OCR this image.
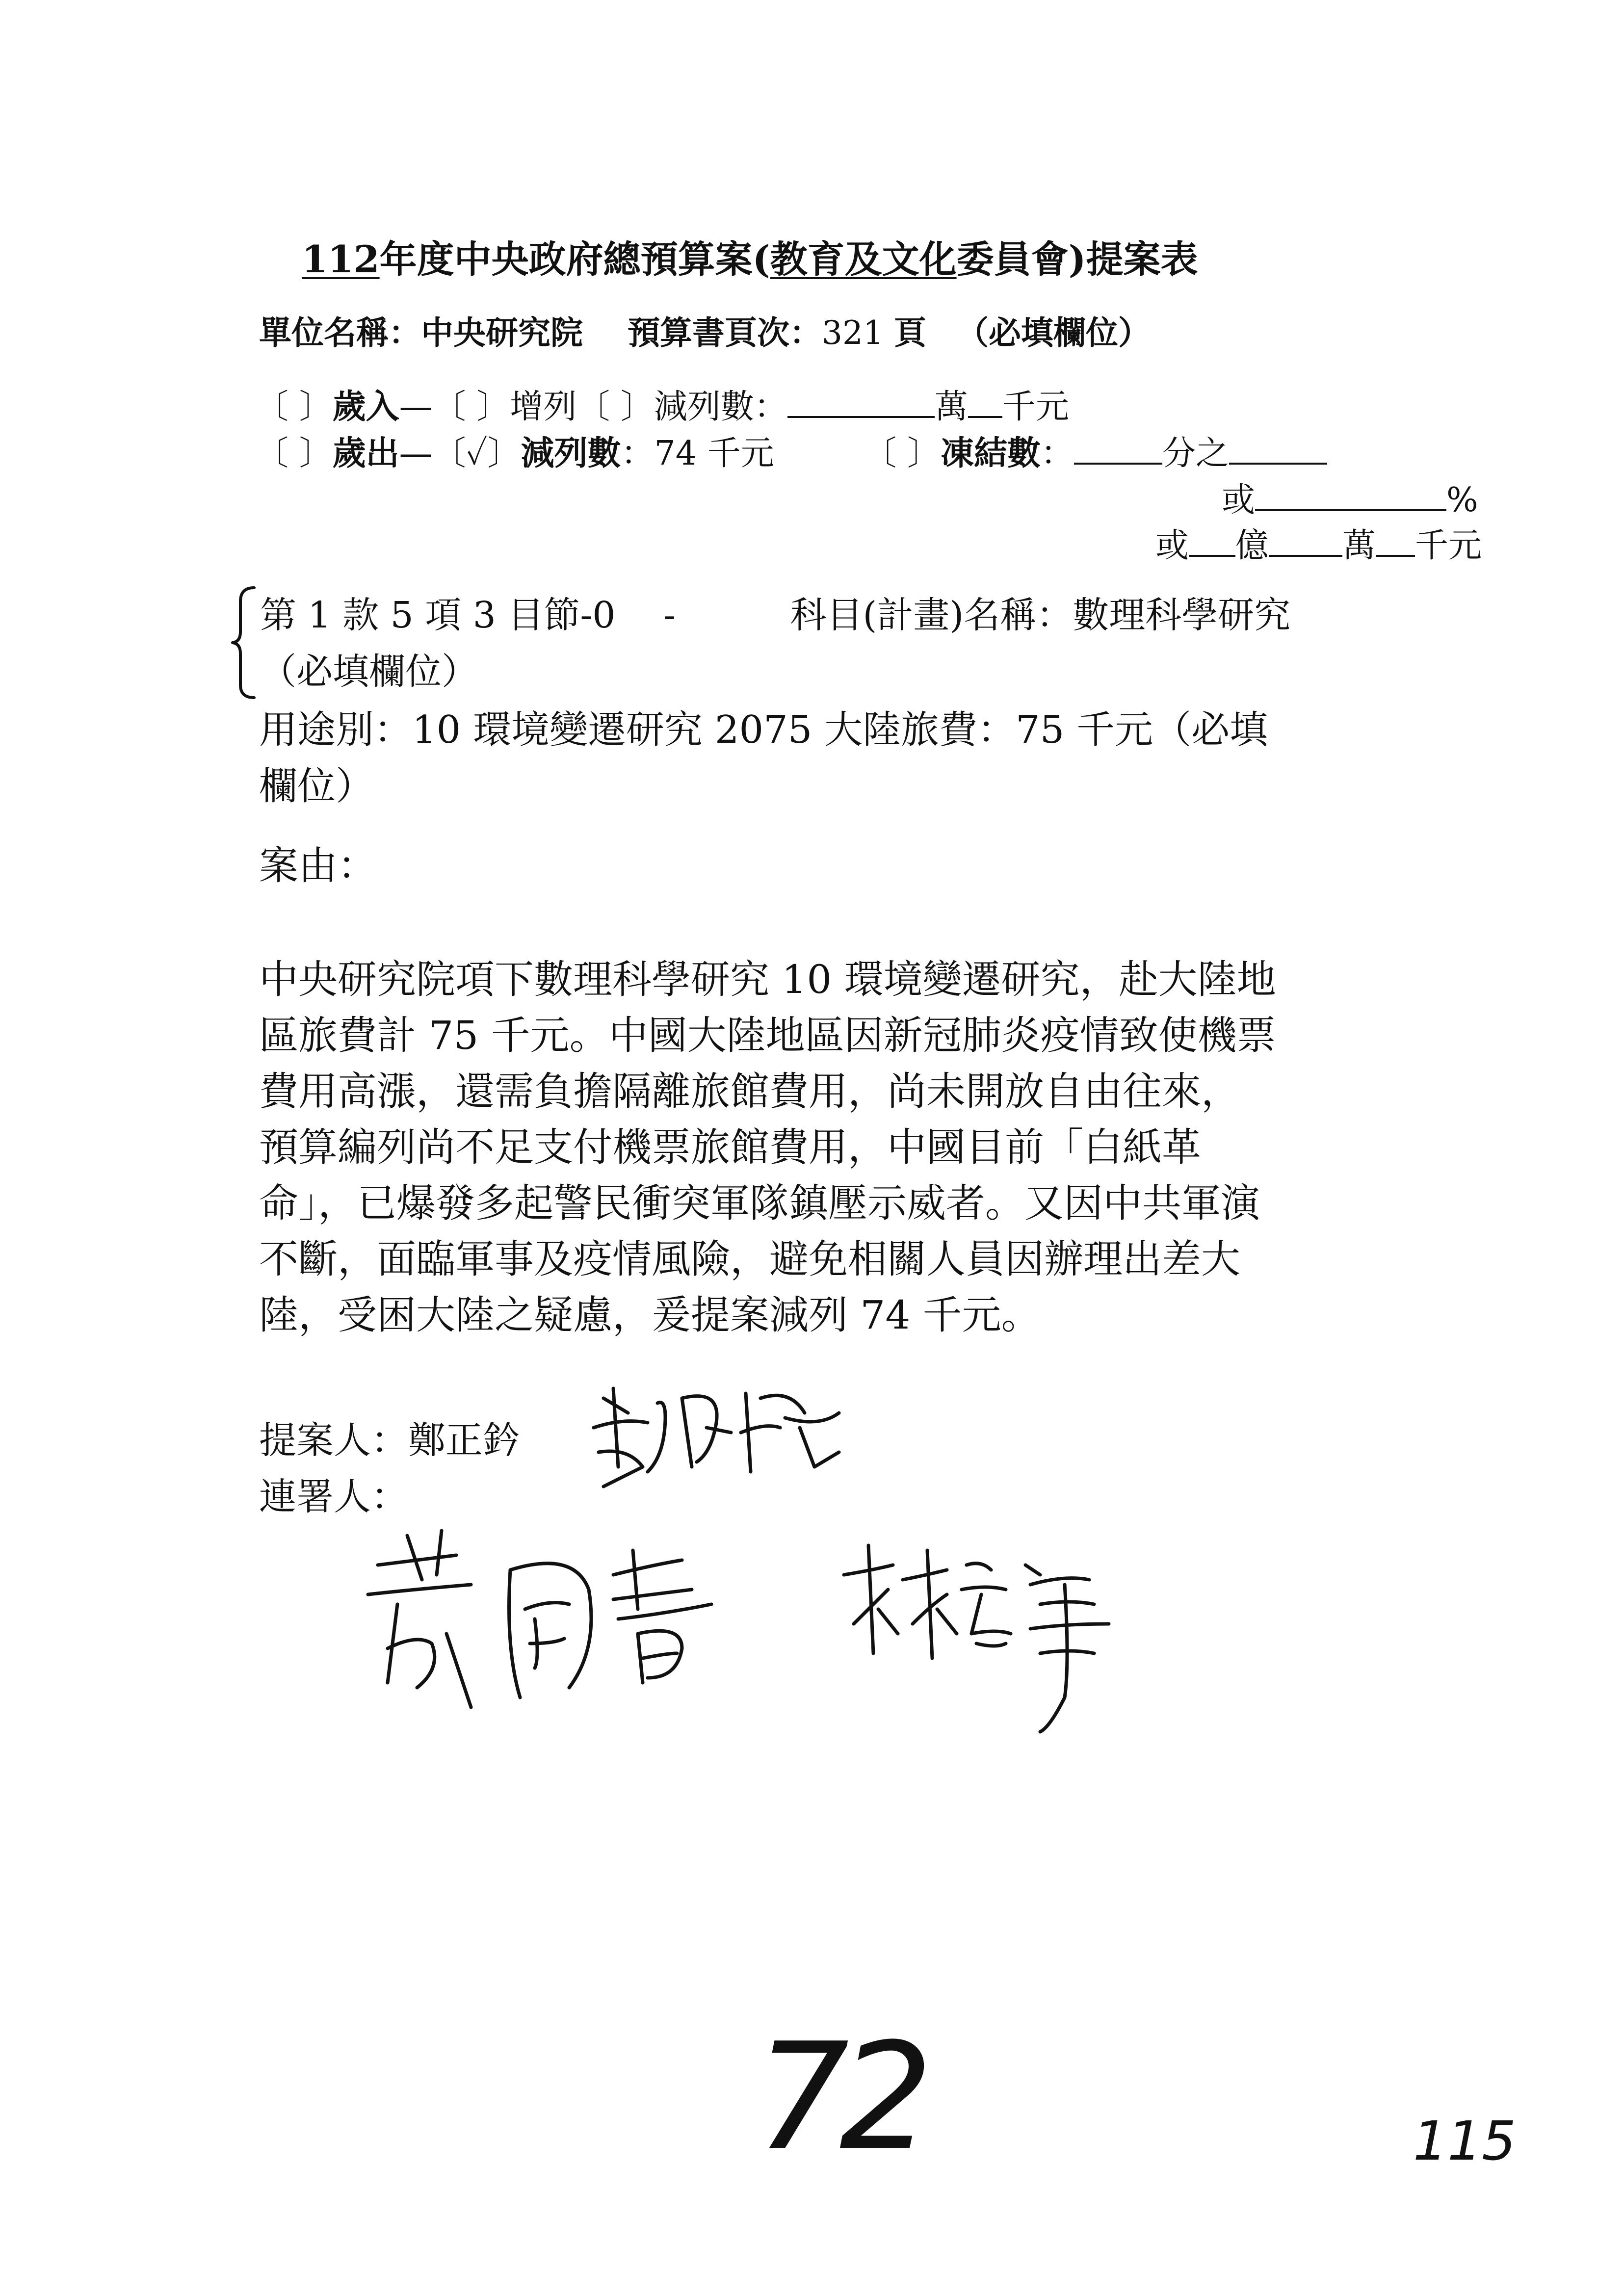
112年度中央政府總預算案(教育及文化委員會)提案表
單位名稱：中央研究院 預算書頁次：321 頁 （必填欄位）
〔 〕歲入—〔 〕增列〔 〕減列數：	萬 千元
〔 〕歲出—〔✓〕減列數：74 千元	〔 〕凍結數：	分之
或	%
或 億 萬 千元
第 1 款 5 項 3 目節-0　 -	科目(計畫)名稱：數理科學研究
（必填欄位）
用途別：10 環境變遷研究 2075 大陸旅費：75 千元（必填
欄位）
案由：
中央研究院項下數理科學研究 10 環境變遷研究，赴大陸地
區旅費計 75 千元。中國大陸地區因新冠肺炎疫情致使機票
費用高漲，還需負擔隔離旅館費用，尚未開放自由往來，
預算編列尚不足支付機票旅館費用，中國目前「白紙革
命」，已爆發多起警民衝突軍隊鎮壓示威者。又因中共軍演
不斷，面臨軍事及疫情風險，避免相關人員因辦理出差大
陸，受困大陸之疑慮，爰提案減列 74 千元。
提案人：鄭正鈐
連署人：
72	115
